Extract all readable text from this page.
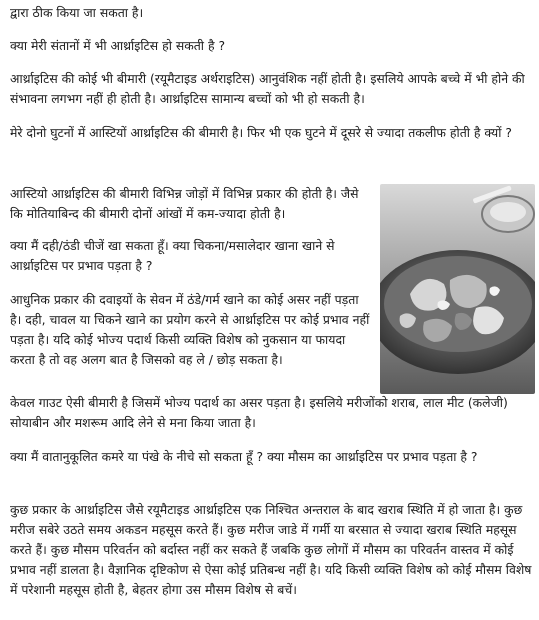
द्वारा ठीक किया जा सकता है।

क्या मेरी संतानों में भी आर्थ्राइटिस हो सकती है ?

आर्थ्राइटिस की कोई भी बीमारी (रयूमैटाइड अर्थराइटिस) आनुवंशिक नहीं होती है। इसलिये आपके बच्चे में भी होने की संभावना लगभग नहीं ही होती है। आर्थ्राइटिस सामान्य बच्चों को भी हो सकती है।

मेरे दोनो घुटनों में आस्टियों आर्थ्राइटिस की बीमारी है। फिर भी एक घुटने में दूसरे से ज्यादा तकलीफ होती है क्यों ?

आस्टियो आर्थ्राइटिस की बीमारी विभिन्न जोड़ों में विभिन्न प्रकार की होती है। जैसे कि मोतियाबिन्द की बीमारी दोनों आंखों में कम-ज्यादा होती है।

क्या मैं दही/ठंडी चीजें खा सकता हूँ। क्या चिकना/मसालेदार खाना खाने से आर्थ्राइटिस पर प्रभाव पड़ता है ?

आधुनिक प्रकार की दवाइयों के सेवन में ठंडे/गर्म खाने का कोई असर नहीं पड़ता है। दही, चावल या चिकने खाने का प्रयोग करने से आर्थ्राइटिस पर कोई प्रभाव नहीं पड़ता है। यदि कोई भोज्य पदार्थ किसी व्यक्ति विशेष को नुकसान या फायदा करता है तो वह अलग बात है जिसको वह ले / छोड़ सकता है।

केवल गाउट ऐसी बीमारी है जिसमें भोज्य पदार्थ का असर पड़ता है। इसलिये मरीजोंको शराब, लाल मीट (कलेजी) सोयाबीन और मशरूम आदि लेने से मना किया जाता है।

क्या मैं वातानुकूलित कमरे या पंखे के नीचे सो सकता हूँ ? क्या मौसम का आर्थ्राइटिस पर प्रभाव पड़ता है ?

कुछ प्रकार के आर्थ्राइटिस जैसे रयूमैटाइड आर्थ्राइटिस एक निश्चित अन्तराल के बाद खराब स्थिति में हो जाता है। कुछ मरीज सबेरे उठते समय अकडन महसूस करते हैं। कुछ मरीज जाडे में गर्मी या बरसात से ज्यादा खराब स्थिति महसूस करते हैं। कुछ मौसम परिवर्तन को बर्दास्त नहीं कर सकते हैं जबकि कुछ लोगों में मौसम का परिवर्तन वास्तव में कोई प्रभाव नहीं डालता है। वैज्ञानिक दृष्टिकोण से ऐसा कोई प्रतिबन्ध नहीं है। यदि किसी व्यक्ति विशेष को कोई मौसम विशेष में परेशानी महसूस होती है, बेहतर होगा उस मौसम विशेष से बचें।
